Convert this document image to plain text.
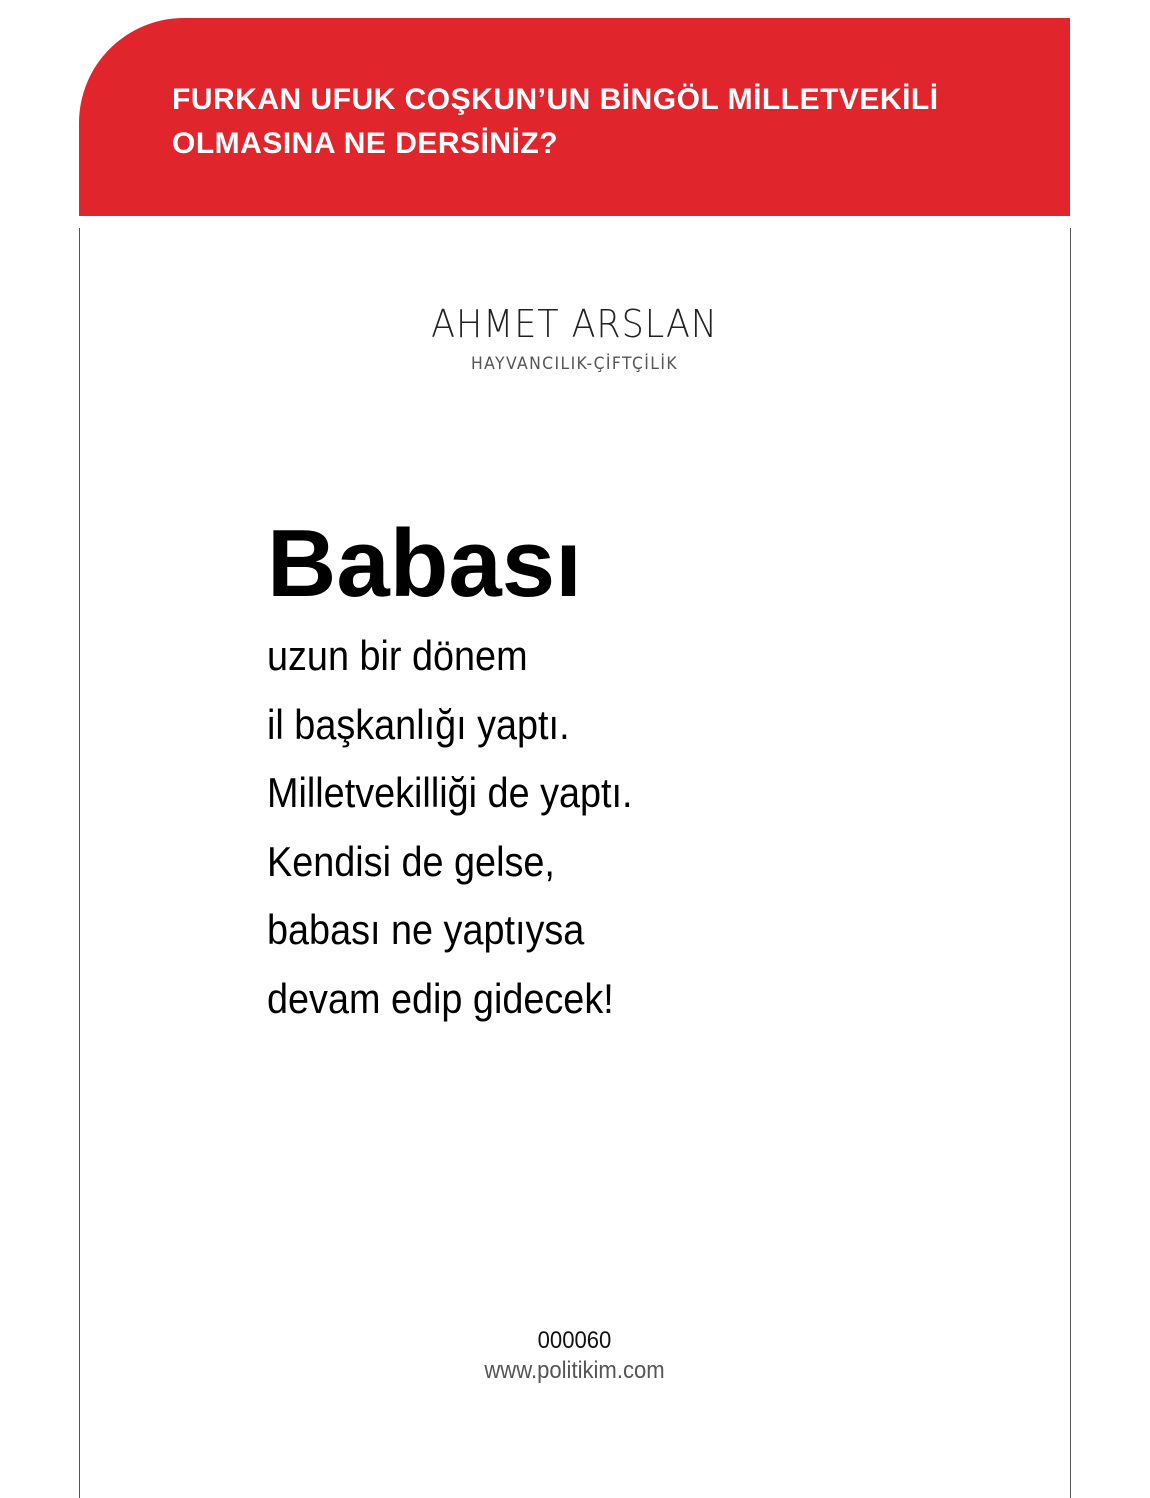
FURKAN UFUK COŞKUN’UN BİNGÖL MİLLETVEKİLİ
OLMASINA NE DERSİNİZ?
AHMET ARSLAN
HAYVANCILIK-ÇİFTÇİLİK
Babası
uzun bir dönem
il başkanlığı yaptı.
Milletvekilliği de yaptı.
Kendisi de gelse,
babası ne yaptıysa
devam edip gidecek!
000060
www.politikim.com
